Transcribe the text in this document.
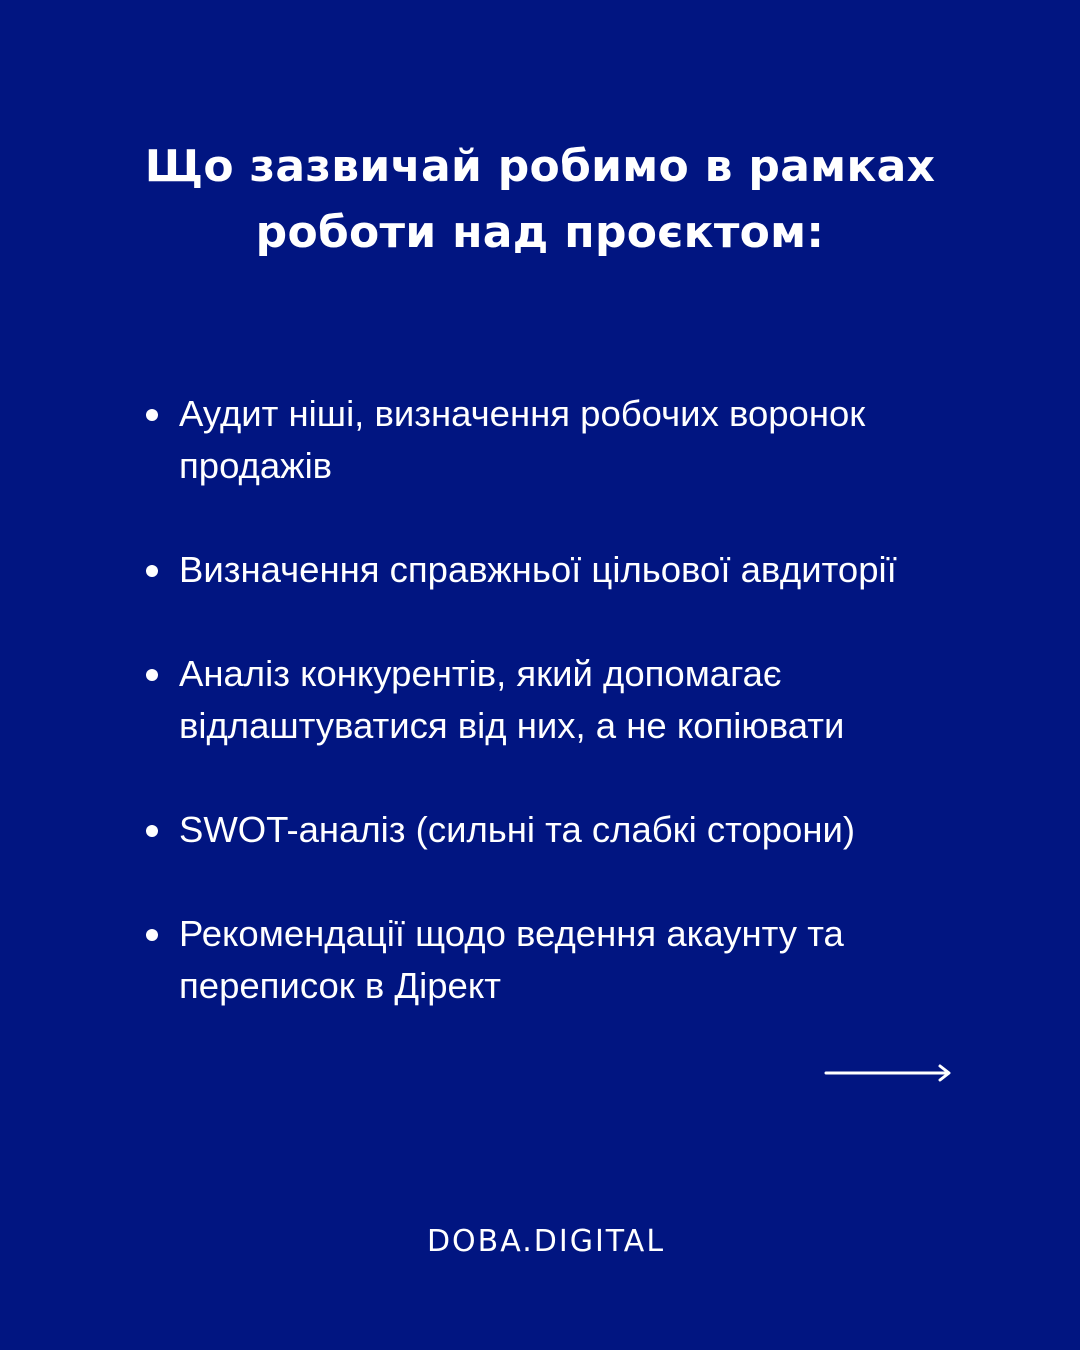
Що зазвичай робимо в рамках
роботи над проєктом:
Аудит ніші, визначення робочих воронок
продажів
Визначення справжньої цільової авдиторії
Аналіз конкурентів, який допомагає
відлаштуватися від них, а не копіювати
SWOT-аналіз (сильні та слабкі сторони)
Рекомендації щодо ведення акаунту та
переписок в Дірект
DOBA.DIGITAL
